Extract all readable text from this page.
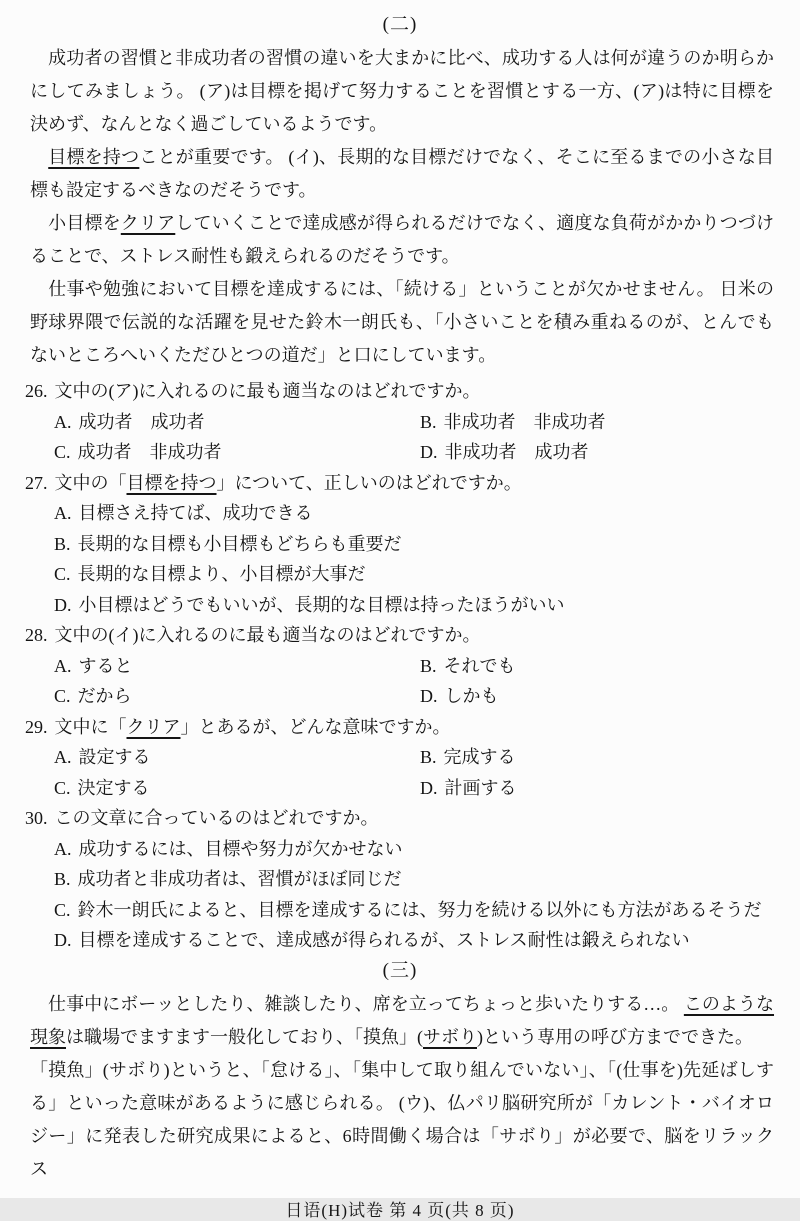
(二)

　成功者の習慣と非成功者の習慣の違いを大まかに比べ、成功する人は何が違うのか明らかにしてみましょう。 (ア)は目標を掲げて努力することを習慣とする一方、(ア)は特に目標を決めず、なんとなく過ごしているようです。

　目標を持つことが重要です。 (イ)、長期的な目標だけでなく、そこに至るまでの小さな目標も設定するべきなのだそうです。

　小目標をクリアしていくことで達成感が得られるだけでなく、適度な負荷がかかりつづけることで、ストレス耐性も鍛えられるのだそうです。

　仕事や勉強において目標を達成するには、「続ける」ということが欠かせません。 日米の野球界隈で伝説的な活躍を見せた鈴木一朗氏も、「小さいことを積み重ねるのが、とんでもないところへいくただひとつの道だ」と口にしています。

26. 文中の(ア)に入れるのに最も適当なのはどれですか。
A. 成功者　成功者	B. 非成功者　非成功者
C. 成功者　非成功者	D. 非成功者　成功者
27. 文中の「目標を持つ」について、正しいのはどれですか。
A. 目標さえ持てば、成功できる
B. 長期的な目標も小目標もどちらも重要だ
C. 長期的な目標より、小目標が大事だ
D. 小目標はどうでもいいが、長期的な目標は持ったほうがいい
28. 文中の(イ)に入れるのに最も適当なのはどれですか。
A. すると	B. それでも
C. だから	D. しかも
29. 文中に「クリア」とあるが、どんな意味ですか。
A. 設定する	B. 完成する
C. 決定する	D. 計画する
30. この文章に合っているのはどれですか。
A. 成功するには、目標や努力が欠かせない
B. 成功者と非成功者は、習慣がほぼ同じだ
C. 鈴木一朗氏によると、目標を達成するには、努力を続ける以外にも方法があるそうだ
D. 目標を達成することで、達成感が得られるが、ストレス耐性は鍛えられない
(三)

　仕事中にボーッとしたり、雑談したり、席を立ってちょっと歩いたりする…。 このような現象は職場でますます一般化しており、「摸魚」(サボり)という専用の呼び方までできた。

「摸魚」(サボり)というと、「怠ける」、「集中して取り組んでいない」、「(仕事を)先延ばしする」といった意味があるように感じられる。 (ウ)、仏パリ脳研究所が「カレント・バイオロジー」に発表した研究成果によると、6時間働く場合は「サボり」が必要で、脳をリラックス

日语(H)试卷 第 4 页(共 8 页)
